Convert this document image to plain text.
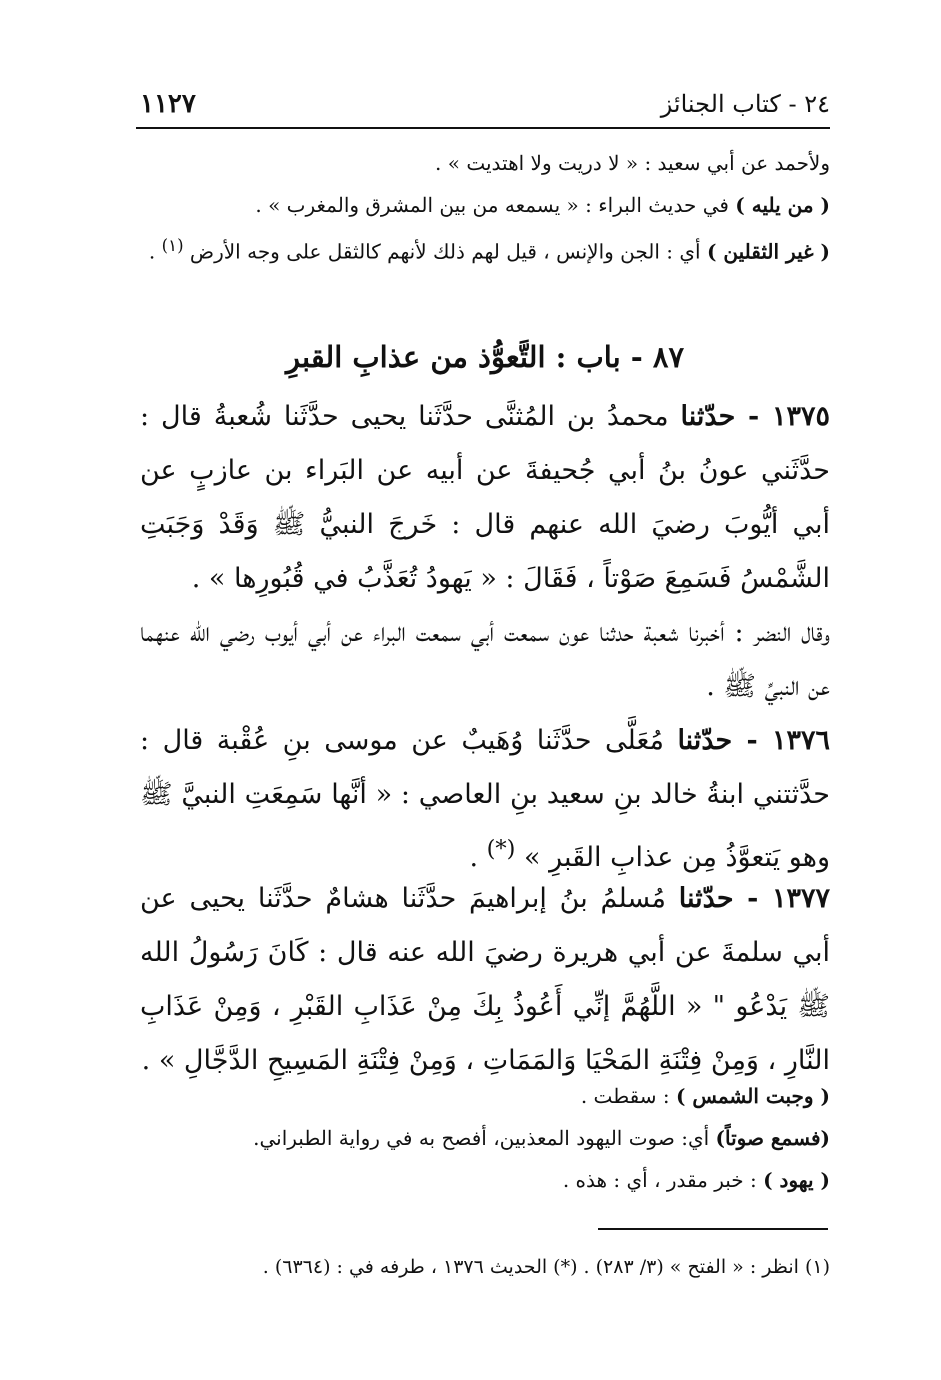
٢٤ - كتاب الجنائز
١١٢٧
ولأحمد عن أبي سعيد : « لا دريت ولا اهتديت » .
( من يليه ) في حديث البراء : « يسمعه من بين المشرق والمغرب » .
( غير الثقلين ) أي : الجن والإنس ، قيل لهم ذلك لأنهم كالثقل على وجه الأرض $^{(١)}$ .
٨٧ - باب : التَّعوُّذ من عذابِ القبرِ
١٣٧٥ - حدّثنا محمدُ بن المُثنَّى حدَّثَنا يحيى حدَّثَنا شُعبةُ قال : حدَّثَني عونُ بنُ أبي جُحيفةَ عن أبيه عن البَراء بن عازبٍ عن أبي أيُّوبَ رضيَ الله عنهم قال : خَرجَ النبيُّ ﷺ وَقَدْ وَجَبَتِ الشَّمْسُ فَسَمِعَ صَوْتاً ، فَقَالَ : « يَهودُ تُعَذَّبُ في قُبُورِها » .
وقال النضر : أخبرنا شعبة حدثنا عون سمعت أبي سمعت البراء عن أبي أيوب رضي الله عنهما عن النبيِّ ﷺ .
١٣٧٦ - حدّثنا مُعَلَّى حدَّثَنا وُهَيبٌ عن موسى بنِ عُقْبة قال : حدَّثتني ابنةُ خالد بنِ سعيد بنِ العاصي : « أنَّها سَمِعَتِ النبيَّ ﷺ وهو يَتعوَّذُ مِن عذابِ القَبرِ » (*) .
١٣٧٧ - حدّثنا مُسلمُ بنُ إبراهيمَ حدَّثَنا هشامٌ حدَّثَنا يحيى عن أبي سلمةَ عن أبي هريرة رضيَ الله عنه قال : كَانَ رَسُولُ الله ﷺ يَدْعُو " « اللَّهُمَّ إنِّي أَعُوذُ بِكَ مِنْ عَذَابِ القَبْرِ ، وَمِنْ عَذَابِ النَّارِ ، وَمِنْ فِتْنَةِ المَحْيَا وَالمَمَاتِ ، وَمِنْ فِتْنَةِ المَسِيحِ الدَّجَّالِ » .
( وجبت الشمس ) : سقطت .
(فسمع صوتاً) أي: صوت اليهود المعذبين، أفصح به في رواية الطبراني.
( يهود ) : خبر مقدر ، أي : هذه .
(١) انظر : « الفتح » (٣/ ٢٨٣) . (*) الحديث ١٣٧٦ ، طرفه في : (٦٣٦٤) .
